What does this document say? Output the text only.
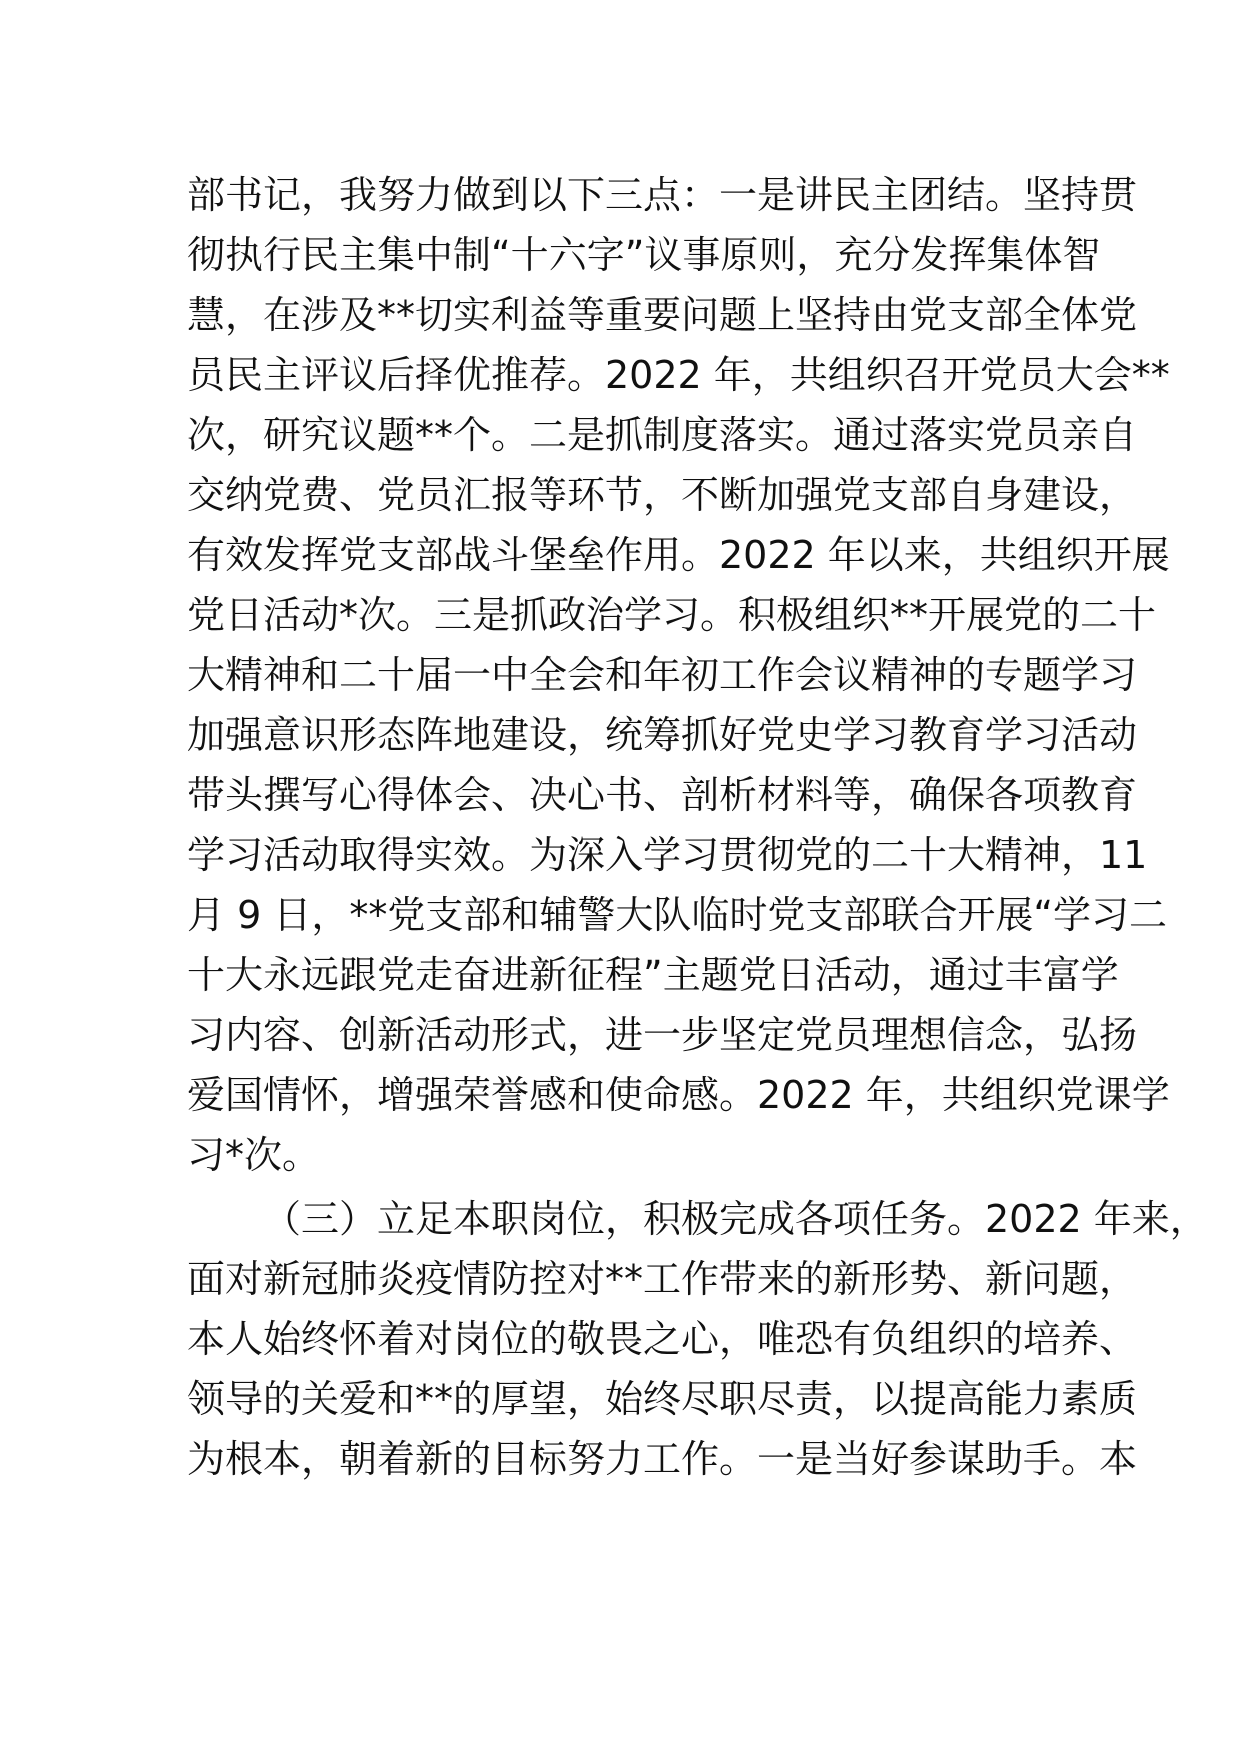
部书记，我努力做到以下三点：一是讲民主团结。坚持贯
彻执行民主集中制“十六字”议事原则，充分发挥集体智
慧，在涉及**切实利益等重要问题上坚持由党支部全体党
员民主评议后择优推荐。2022 年，共组织召开党员大会**
次，研究议题**个。二是抓制度落实。通过落实党员亲自
交纳党费、党员汇报等环节，不断加强党支部自身建设，
有效发挥党支部战斗堡垒作用。2022 年以来，共组织开展
党日活动*次。三是抓政治学习。积极组织**开展党的二十
大精神和二十届一中全会和年初工作会议精神的专题学习
加强意识形态阵地建设，统筹抓好党史学习教育学习活动
带头撰写心得体会、决心书、剖析材料等，确保各项教育
学习活动取得实效。为深入学习贯彻党的二十大精神，11
月 9 日，**党支部和辅警大队临时党支部联合开展“学习二
十大永远跟党走奋进新征程”主题党日活动，通过丰富学
习内容、创新活动形式，进一步坚定党员理想信念，弘扬
爱国情怀，增强荣誉感和使命感。2022 年，共组织党课学
习*次。
（三）立足本职岗位，积极完成各项任务。2022 年来，
面对新冠肺炎疫情防控对**工作带来的新形势、新问题，
本人始终怀着对岗位的敬畏之心，唯恐有负组织的培养、
领导的关爱和**的厚望，始终尽职尽责，以提高能力素质
为根本，朝着新的目标努力工作。一是当好参谋助手。本
